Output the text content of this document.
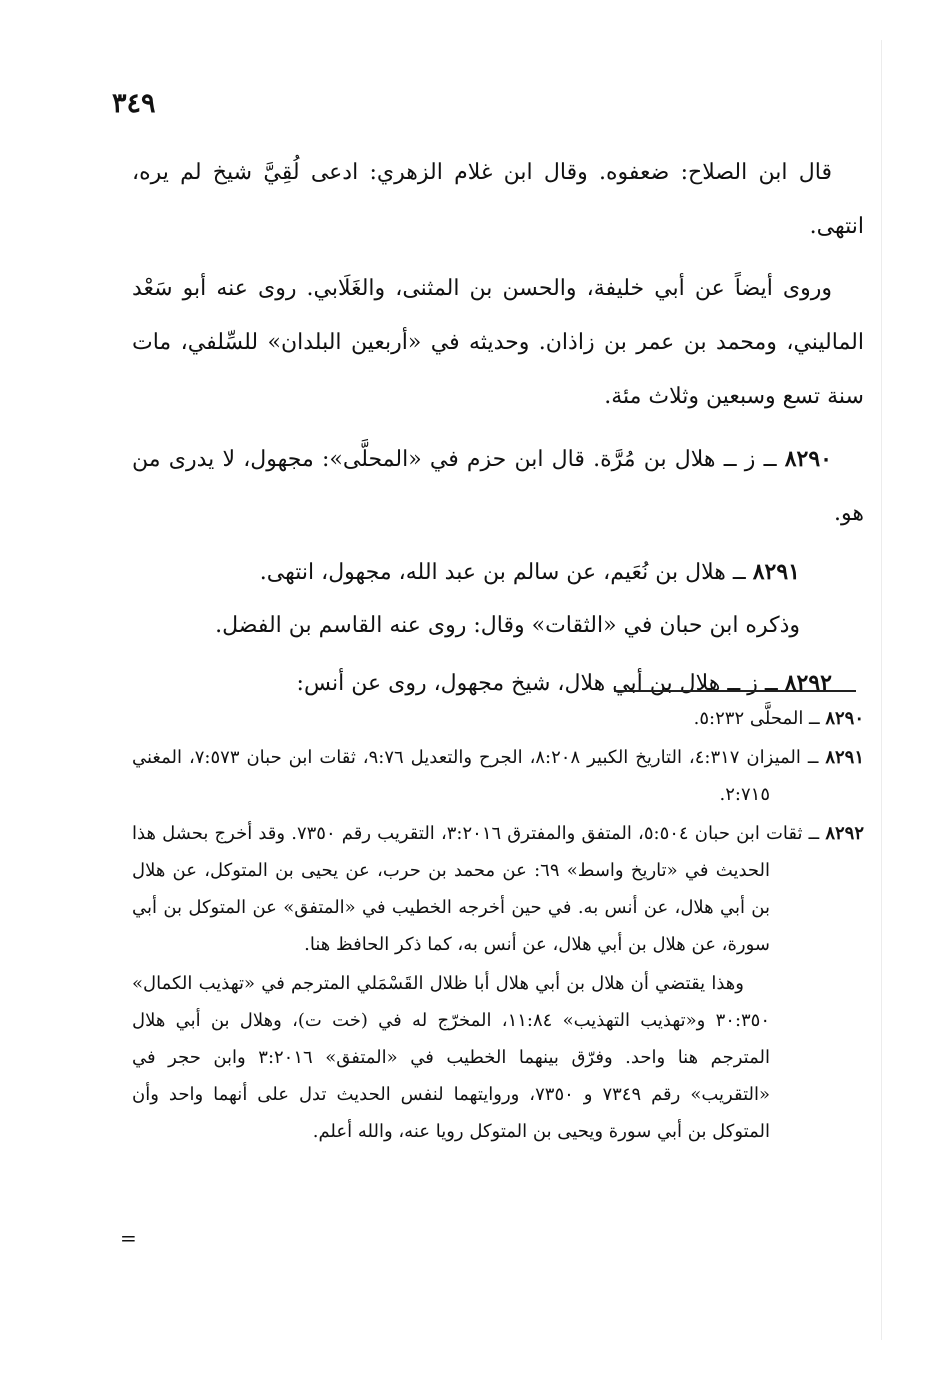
٣٤٩

قال ابن الصلاح: ضعفوه. وقال ابن غلام الزهري: ادعى لُقِيَّ شيخ لم يره، انتهى.

وروى أيضاً عن أبي خليفة، والحسن بن المثنى، والغَلَابي. روى عنه أبو سَعْد الماليني، ومحمد بن عمر بن زاذان. وحديثه في «أربعين البلدان» للسِّلفي، مات سنة تسع وسبعين وثلاث مئة.

٨٢٩٠ ــ ز ــ هلال بن مُرَّة. قال ابن حزم في «المحلَّى»: مجهول، لا يدرى من هو.

٨٢٩١ ــ هلال بن نُعَيم، عن سالم بن عبد الله، مجهول، انتهى.

وذكره ابن حبان في «الثقات» وقال: روى عنه القاسم بن الفضل.

٨٢٩٢ ــ ز ــ هلال بن أبي هلال، شيخ مجهول، روى عن أنس:

٨٢٩٠ ــ المحلَّى ٥:٢٣٢.

٨٢٩١ ــ الميزان ٤:٣١٧، التاريخ الكبير ٨:٢٠٨، الجرح والتعديل ٩:٧٦، ثقات ابن حبان ٧:٥٧٣، المغني ٢:٧١٥.

٨٢٩٢ ــ ثقات ابن حبان ٥:٥٠٤، المتفق والمفترق ٣:٢٠١٦، التقريب رقم ٧٣٥٠. وقد أخرج بحشل هذا الحديث في «تاريخ واسط» ٦٩: عن محمد بن حرب، عن يحيى بن المتوكل، عن هلال بن أبي هلال، عن أنس به. في حين أخرجه الخطيب في «المتفق» عن المتوكل بن أبي سورة، عن هلال بن أبي هلال، عن أنس به، كما ذكر الحافظ هنا.

وهذا يقتضي أن هلال بن أبي هلال أبا ظلال القَسْمَلي المترجم في «تهذيب الكمال» ٣٠:٣٥٠ و«تهذيب التهذيب» ١١:٨٤، المخرّج له في (خت ت)، وهلال بن أبي هلال المترجم هنا واحد. وفرّق بينهما الخطيب في «المتفق» ٣:٢٠١٦ وابن حجر في «التقريب» رقم ٧٣٤٩ و ٧٣٥٠، وروايتهما لنفس الحديث تدل على أنهما واحد وأن المتوكل بن أبي سورة ويحيى بن المتوكل رويا عنه، والله أعلم.

=
